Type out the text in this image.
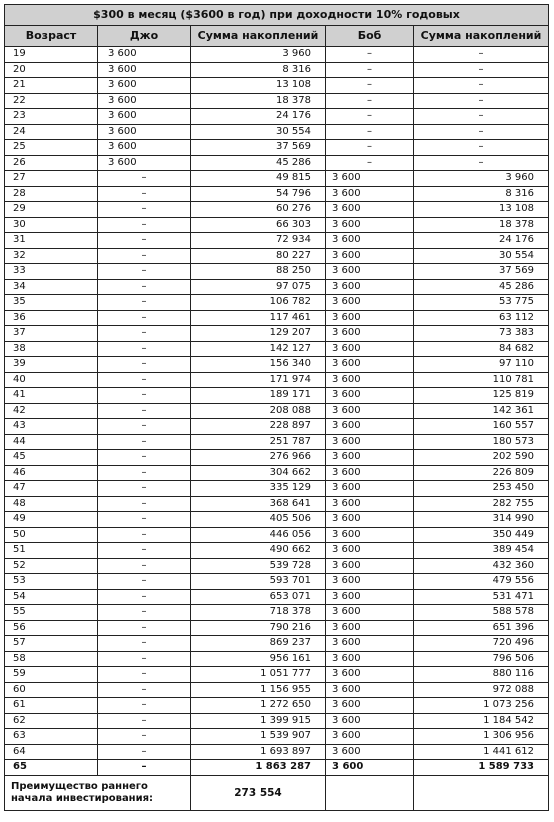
$300 в месяц ($3600 в год) при доходности 10% годовых				
Возраст	Джо	Сумма накоплений	Боб	Сумма накоплений
19	3 600	3 960	–	–
20	3 600	8 316	–	–
21	3 600	13 108	–	–
22	3 600	18 378	–	–
23	3 600	24 176	–	–
24	3 600	30 554	–	–
25	3 600	37 569	–	–
26	3 600	45 286	–	–
27	–	49 815	3 600	3 960
28	–	54 796	3 600	8 316
29	–	60 276	3 600	13 108
30	–	66 303	3 600	18 378
31	–	72 934	3 600	24 176
32	–	80 227	3 600	30 554
33	–	88 250	3 600	37 569
34	–	97 075	3 600	45 286
35	–	106 782	3 600	53 775
36	–	117 461	3 600	63 112
37	–	129 207	3 600	73 383
38	–	142 127	3 600	84 682
39	–	156 340	3 600	97 110
40	–	171 974	3 600	110 781
41	–	189 171	3 600	125 819
42	–	208 088	3 600	142 361
43	–	228 897	3 600	160 557
44	–	251 787	3 600	180 573
45	–	276 966	3 600	202 590
46	–	304 662	3 600	226 809
47	–	335 129	3 600	253 450
48	–	368 641	3 600	282 755
49	–	405 506	3 600	314 990
50	–	446 056	3 600	350 449
51	–	490 662	3 600	389 454
52	–	539 728	3 600	432 360
53	–	593 701	3 600	479 556
54	–	653 071	3 600	531 471
55	–	718 378	3 600	588 578
56	–	790 216	3 600	651 396
57	–	869 237	3 600	720 496
58	–	956 161	3 600	796 506
59	–	1 051 777	3 600	880 116
60	–	1 156 955	3 600	972 088
61	–	1 272 650	3 600	1 073 256
62	–	1 399 915	3 600	1 184 542
63	–	1 539 907	3 600	1 306 956
64	–	1 693 897	3 600	1 441 612
65	–	1 863 287	3 600	1 589 733
Преимущество раннего начала инвестирования:		273 554		
